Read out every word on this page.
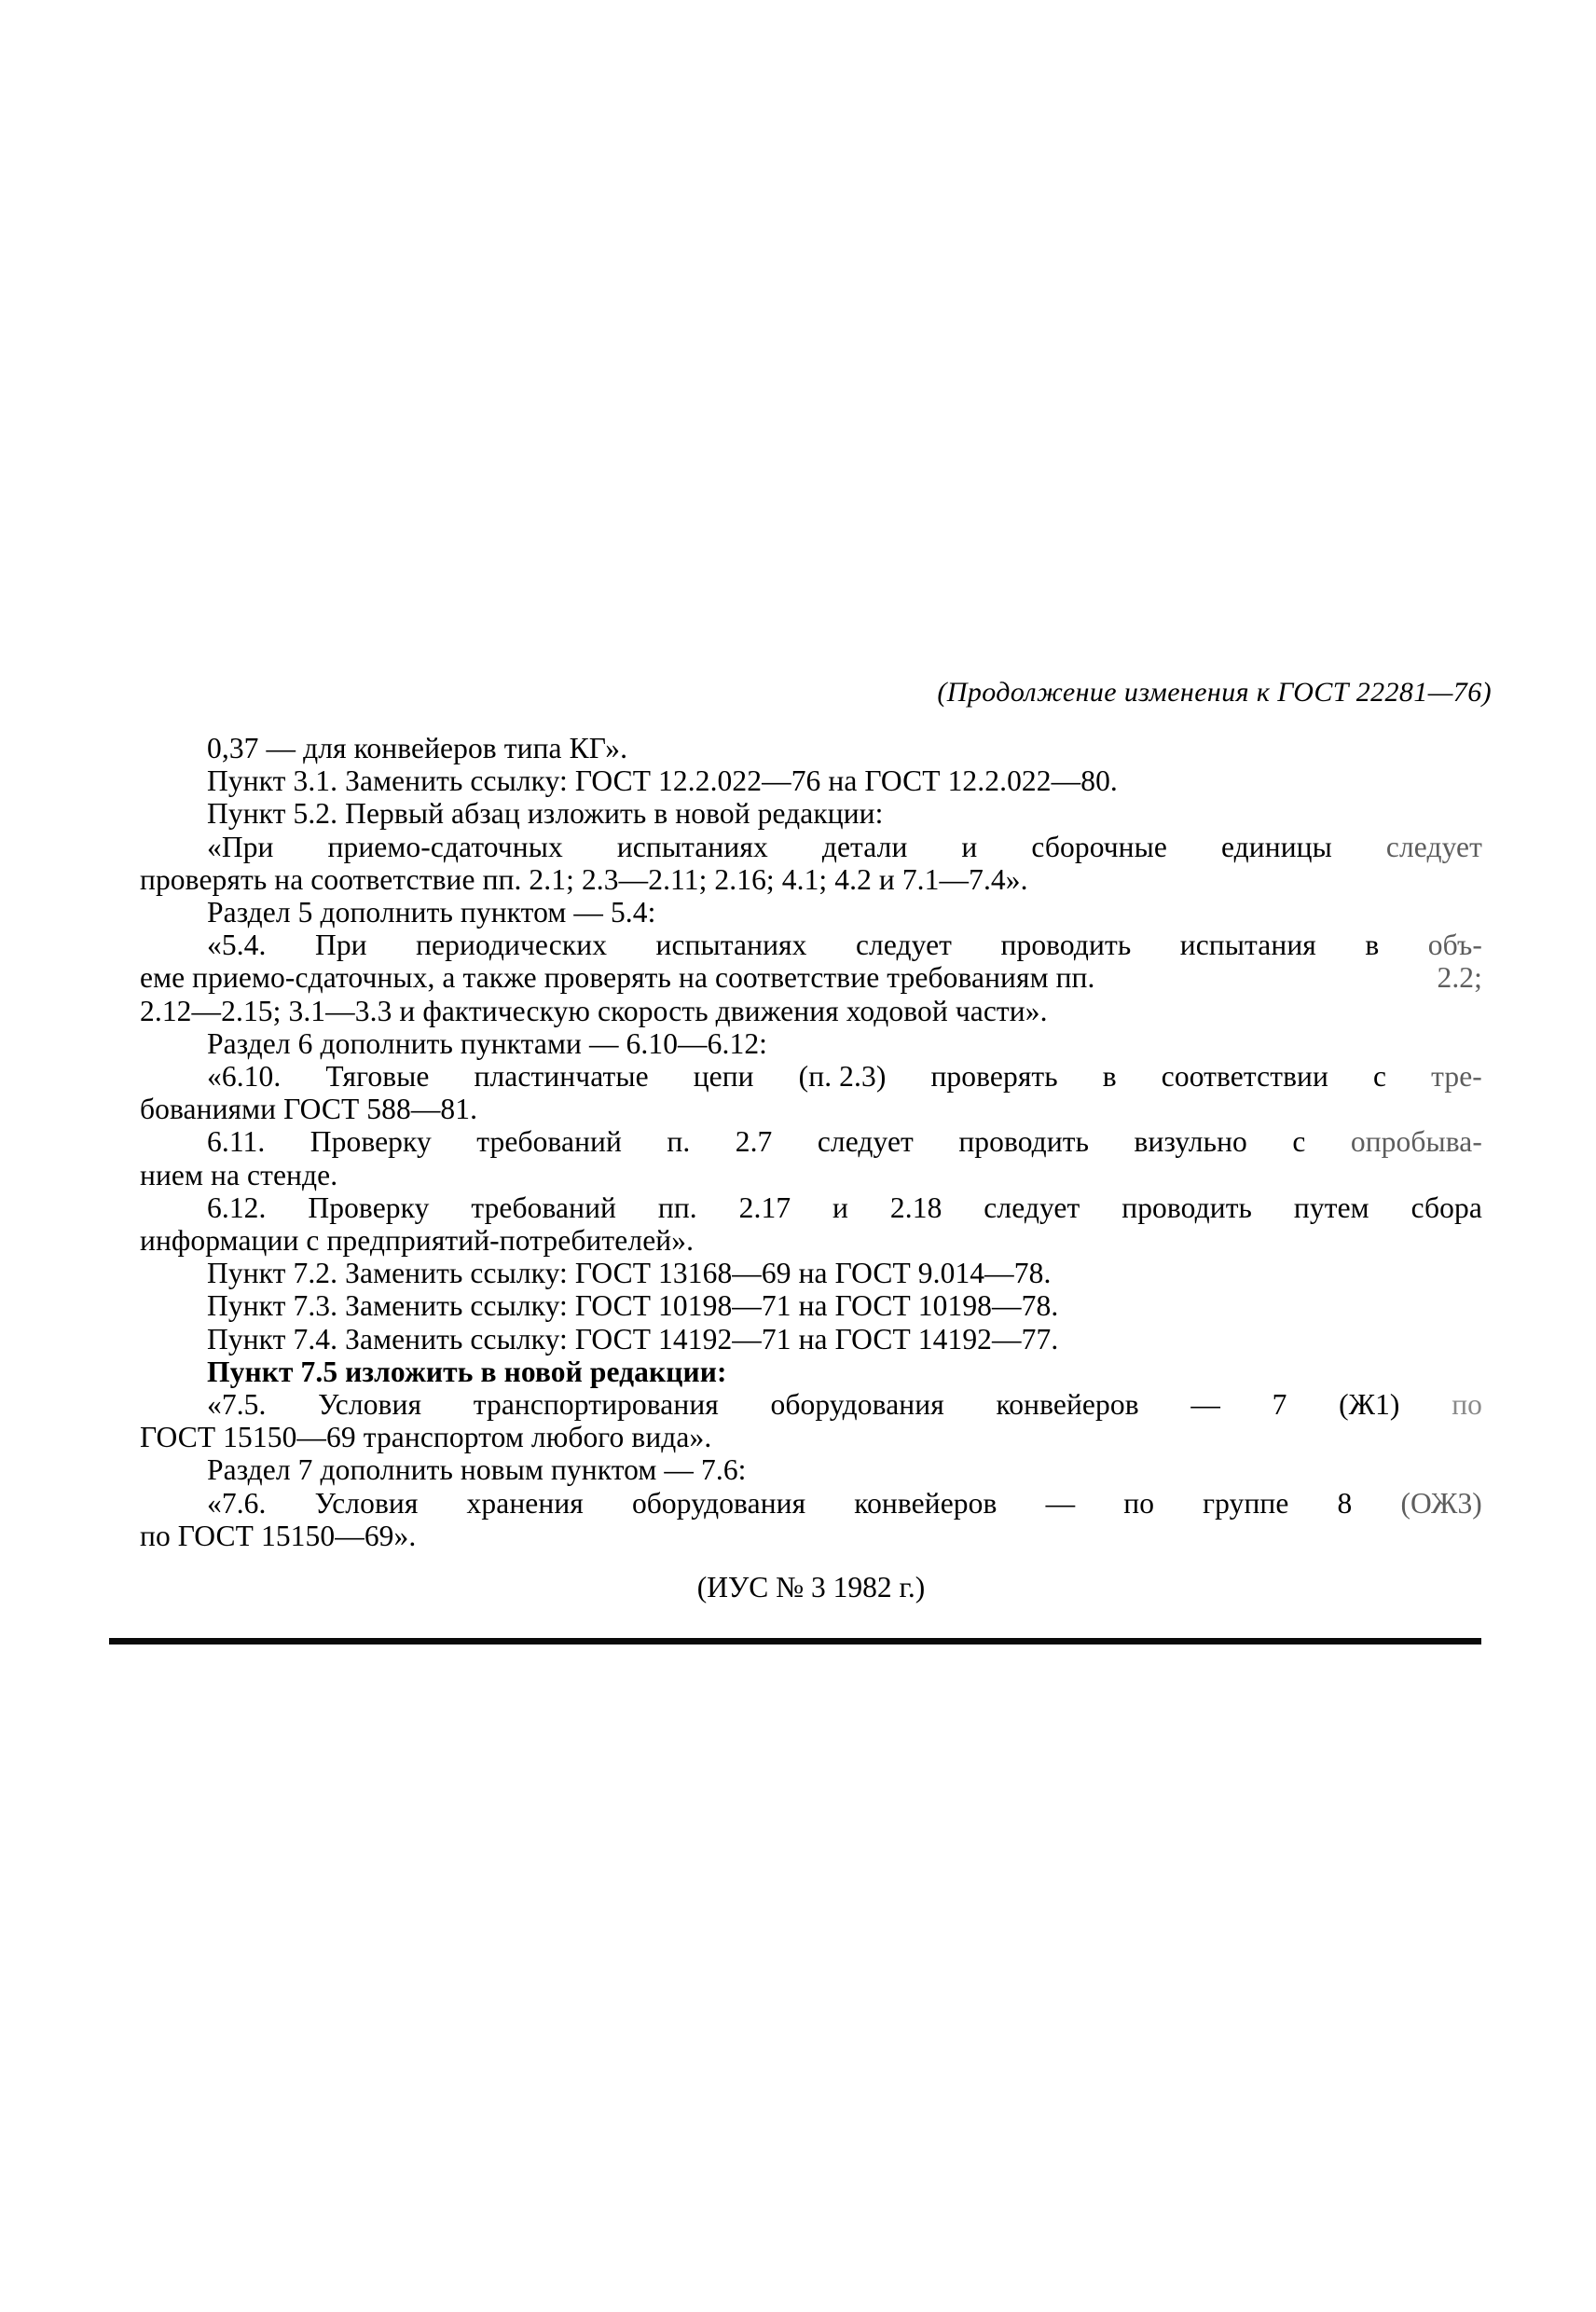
(Продолжение изменения к ГОСТ 22281—76)
0,37 — для конвейеров типа КГ».
Пункт 3.1. Заменить ссылку: ГОСТ 12.2.022—76 на ГОСТ 12.2.022—80.
Пункт 5.2. Первый абзац изложить в новой редакции:
«При приемо-сдаточных испытаниях детали и сборочные единицы следует
проверять на соответствие пп. 2.1; 2.3—2.11; 2.16; 4.1; 4.2 и 7.1—7.4».
Раздел 5 дополнить пунктом — 5.4:
«5.4. При периодических испытаниях следует проводить испытания в объ-
еме приемо-сдаточных, а также проверять на соответствие требованиям пп.	2.2;
2.12—2.15; 3.1—3.3 и фактическую скорость движения ходовой части».
Раздел 6 дополнить пунктами — 6.10—6.12:
«6.10. Тяговые пластинчатые цепи (п. 2.3) проверять в соответствии с тре-
бованиями ГОСТ 588—81.
6.11. Проверку требований п. 2.7 следует проводить визульно с опробыва-
нием на стенде.
6.12. Проверку требований пп. 2.17 и 2.18 следует проводить путем сбора
информации с предприятий-потребителей».
Пункт 7.2. Заменить ссылку: ГОСТ 13168—69 на ГОСТ 9.014—78.
Пункт 7.3. Заменить ссылку: ГОСТ 10198—71 на ГОСТ 10198—78.
Пункт 7.4. Заменить ссылку: ГОСТ 14192—71 на ГОСТ 14192—77.
Пункт 7.5 изложить в новой редакции:
«7.5. Условия транспортирования оборудования конвейеров — 7 (Ж1) по
ГОСТ 15150—69 транспортом любого вида».
Раздел 7 дополнить новым пунктом — 7.6:
«7.6. Условия хранения оборудования конвейеров — по группе 8 (ОЖ3)
по ГОСТ 15150—69».
(ИУС № 3 1982 г.)
